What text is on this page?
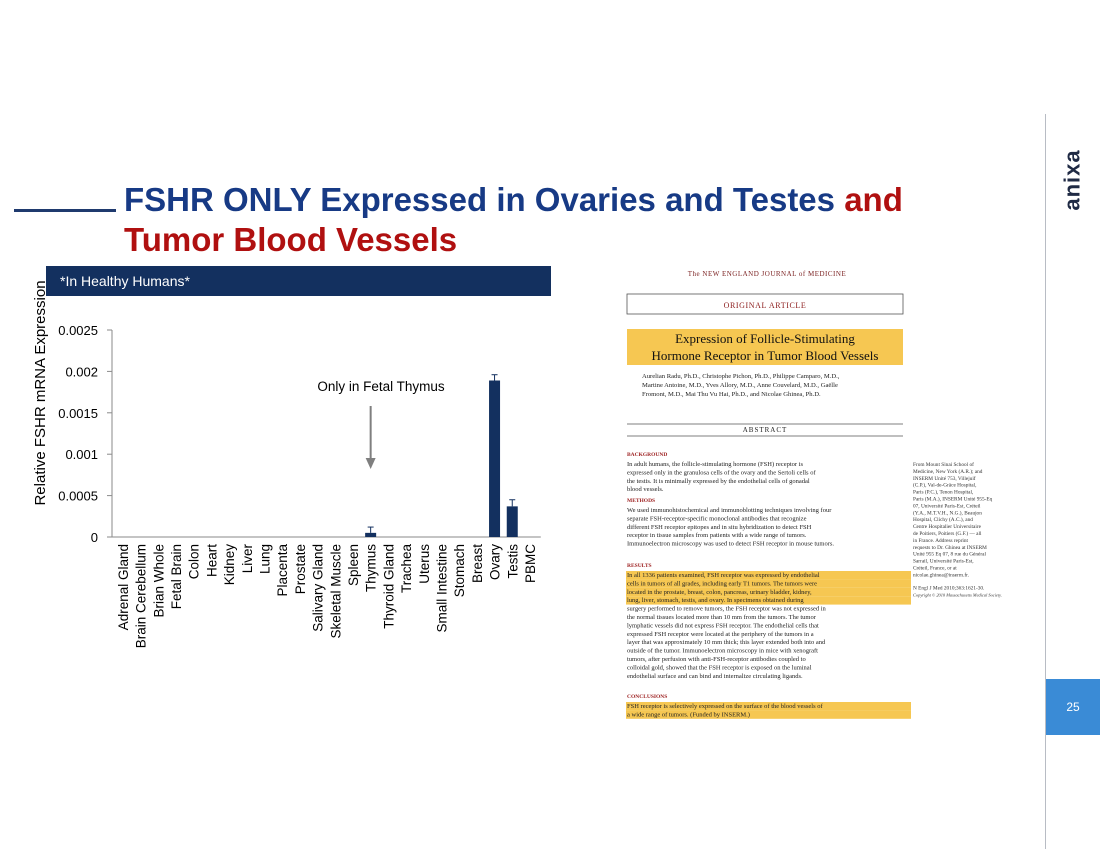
FSHR ONLY Expressed in Ovaries and Testes and
Tumor Blood Vessels
anixa
25
*In Healthy Humans*
0
0.0005
0.001
0.0015
0.002
0.0025
Relative FSHR mRNA Expression
Adrenal Gland Brain Cerebellum Brian Whole Fetal Brain Colon Heart Kidney Liver Lung Placenta Prostate Salivary Gland Skeletal Muscle Spleen Thymus Thyroid Gland Trachea Uterus Small Intestine Stomach Breast Ovary Testis PBMC
Only in Fetal Thymus
The NEW ENGLAND JOURNAL of MEDICINE
ORIGINAL ARTICLE
Expression of Follicle-Stimulating
Hormone Receptor in Tumor Blood Vessels
Aurelian Radu, Ph.D., Christophe Pichon, Ph.D., Philippe Camparo, M.D.,
Martine Antoine, M.D., Yves Allory, M.D., Anne Couvelard, M.D., Gaëlle
Fromont, M.D., Mai Thu Vu Hai, Ph.D., and Nicolae Ghinea, Ph.D.
ABSTRACT
BACKGROUND
In adult humans, the follicle-stimulating hormone (FSH) receptor is
expressed only in the granulosa cells of the ovary and the Sertoli cells of
the testis. It is minimally expressed by the endothelial cells of gonadal
blood vessels.
METHODS
We used immunohistochemical and immunoblotting techniques involving four
separate FSH-receptor-specific monoclonal antibodies that recognize
different FSH receptor epitopes and in situ hybridization to detect FSH
receptor in tissue samples from patients with a wide range of tumors.
Immunoelectron microscopy was used to detect FSH receptor in mouse tumors.
RESULTS
In all 1336 patients examined, FSH receptor was expressed by endothelial
cells in tumors of all grades, including early T1 tumors. The tumors were
located in the prostate, breast, colon, pancreas, urinary bladder, kidney,
lung, liver, stomach, testis, and ovary. In specimens obtained during
surgery performed to remove tumors, the FSH receptor was not expressed in
the normal tissues located more than 10 mm from the tumors. The tumor
lymphatic vessels did not express FSH receptor. The endothelial cells that
expressed FSH receptor were located at the periphery of the tumors in a
layer that was approximately 10 mm thick; this layer extended both into and
outside of the tumor. Immunoelectron microscopy in mice with xenograft
tumors, after perfusion with anti-FSH-receptor antibodies coupled to
colloidal gold, showed that the FSH receptor is exposed on the luminal
endothelial surface and can bind and internalize circulating ligands.
CONCLUSIONS
FSH receptor is selectively expressed on the surface of the blood vessels of
a wide range of tumors. (Funded by INSERM.)
From Mount Sinai School of
Medicine, New York (A.R.); and
INSERM Unité 753, Villejuif
(C.P.), Val-de-Grâce Hospital,
Paris (P.C.), Tenon Hospital,
Paris (M.A.), INSERM Unité 955-Eq
07, Université Paris-Est, Créteil
(Y.A., M.T.V.H., N.G.), Beaujon
Hospital, Clichy (A.C.), and
Centre Hospitalier Universitaire
de Poitiers, Poitiers (G.F.) — all
in France. Address reprint
requests to Dr. Ghinea at INSERM
Unité 955 Eq 07, 8 rue du Général
Sarrail, Université Paris-Est,
Créteil, France, or at
nicolae.ghinea@inserm.fr.
N Engl J Med 2010;363:1621-30.
Copyright © 2010 Massachusetts Medical Society.
